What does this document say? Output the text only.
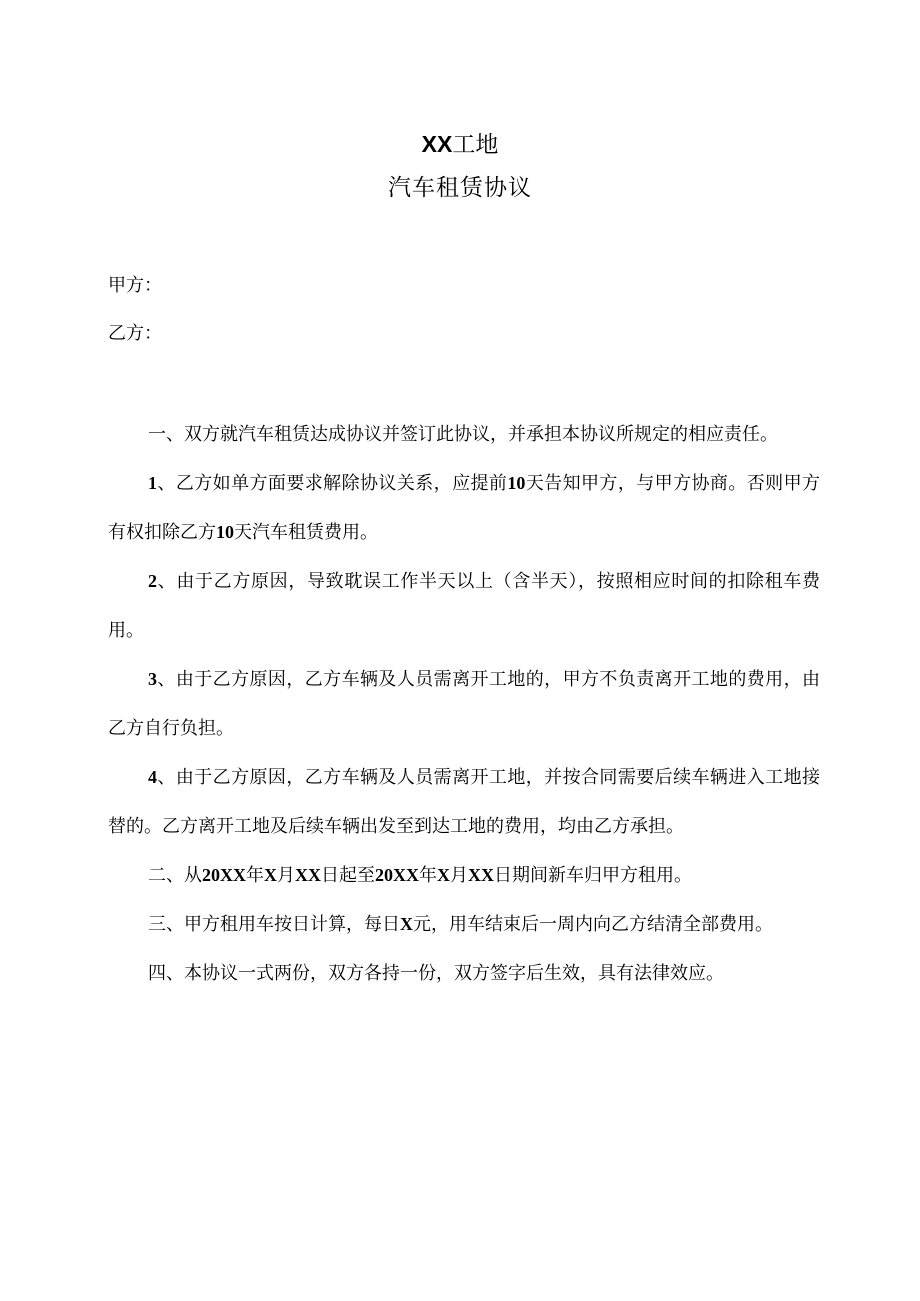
XX工地
汽车租赁协议
甲方：
乙方：

一、双方就汽车租赁达成协议并签订此协议，并承担本协议所规定的相应责任。

1、乙方如单方面要求解除协议关系，应提前10天告知甲方，与甲方协商。否则甲方有权扣除乙方10天汽车租赁费用。

2、由于乙方原因，导致耽误工作半天以上（含半天），按照相应时间的扣除租车费用。

3、由于乙方原因，乙方车辆及人员需离开工地的，甲方不负责离开工地的费用，由乙方自行负担。

4、由于乙方原因，乙方车辆及人员需离开工地，并按合同需要后续车辆进入工地接替的。乙方离开工地及后续车辆出发至到达工地的费用，均由乙方承担。

二、从20XX年X月XX日起至20XX年X月XX日期间新车归甲方租用。

三、甲方租用车按日计算，每日X元，用车结束后一周内向乙方结清全部费用。

四、本协议一式两份，双方各持一份，双方签字后生效，具有法律效应。
